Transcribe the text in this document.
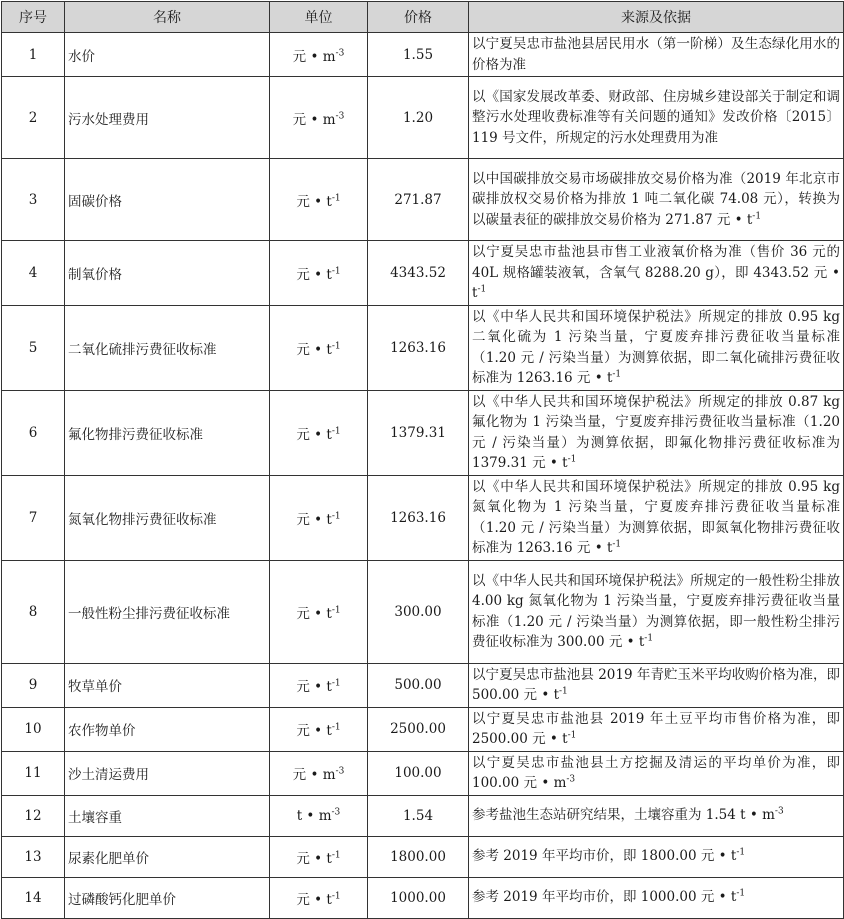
序号	名称	单位	价格	来源及依据
1	水价	元 • $m^{-3}$	1.55	以宁夏吴忠市盐池县居民用水（第一阶梯）及生态绿化用水的价格为准
2	污水处理费用	元 • $m^{-3}$	1.20	以《国家发展改革委、财政部、住房城乡建设部关于制定和调整污水处理收费标准等有关问题的通知》发改价格〔2015〕119 号文件，所规定的污水处理费用为准
3	固碳价格	元 • $t^{-1}$	271.87	以中国碳排放交易市场碳排放交易价格为准（2019 年北京市碳排放权交易价格为排放 1 吨二氧化碳 74.08 元），转换为以碳量表征的碳排放交易价格为 271.87 元 • $t^{-1}$
4	制氧价格	元 • $t^{-1}$	4343.52	以宁夏吴忠市盐池县市售工业液氧价格为准（售价 36 元的 40L 规格罐装液氧，含氧气 8288.20 g），即 4343.52 元 • $t^{-1}$
5	二氧化硫排污费征收标准	元 • $t^{-1}$	1263.16	以《中华人民共和国环境保护税法》所规定的排放 0.95 kg 二氧化硫为 1 污染当量，宁夏废弃排污费征收当量标准（1.20 元 / 污染当量）为测算依据，即二氧化硫排污费征收标准为 1263.16 元 • $t^{-1}$
6	氟化物排污费征收标准	元 • $t^{-1}$	1379.31	以《中华人民共和国环境保护税法》所规定的排放 0.87 kg 氟化物为 1 污染当量，宁夏废弃排污费征收当量标准（1.20 元 / 污染当量）为测算依据，即氟化物排污费征收标准为 1379.31 元 • $t^{-1}$
7	氮氧化物排污费征收标准	元 • $t^{-1}$	1263.16	以《中华人民共和国环境保护税法》所规定的排放 0.95 kg 氮氧化物为 1 污染当量，宁夏废弃排污费征收当量标准（1.20 元 / 污染当量）为测算依据，即氮氧化物排污费征收标准为 1263.16 元 • $t^{-1}$
8	一般性粉尘排污费征收标准	元 • $t^{-1}$	300.00	以《中华人民共和国环境保护税法》所规定的一般性粉尘排放 4.00 kg 氮氧化物为 1 污染当量，宁夏废弃排污费征收当量标准（1.20 元 / 污染当量）为测算依据，即一般性粉尘排污费征收标准为 300.00 元 • $t^{-1}$
9	牧草单价	元 • $t^{-1}$	500.00	以宁夏吴忠市盐池县 2019 年青贮玉米平均收购价格为准，即 500.00 元 • $t^{-1}$
10	农作物单价	元 • $t^{-1}$	2500.00	以宁夏吴忠市盐池县 2019 年土豆平均市售价格为准，即 2500.00 元 • $t^{-1}$
11	沙土清运费用	元 • $m^{-3}$	100.00	以宁夏吴忠市盐池县土方挖掘及清运的平均单价为准，即 100.00 元 • $m^{-3}$
12	土壤容重	t • $m^{-3}$	1.54	参考盐池生态站研究结果，土壤容重为 1.54 t • $m^{-3}$
13	尿素化肥单价	元 • $t^{-1}$	1800.00	参考 2019 年平均市价，即 1800.00 元 • $t^{-1}$
14	过磷酸钙化肥单价	元 • $t^{-1}$	1000.00	参考 2019 年平均市价，即 1000.00 元 • $t^{-1}$
